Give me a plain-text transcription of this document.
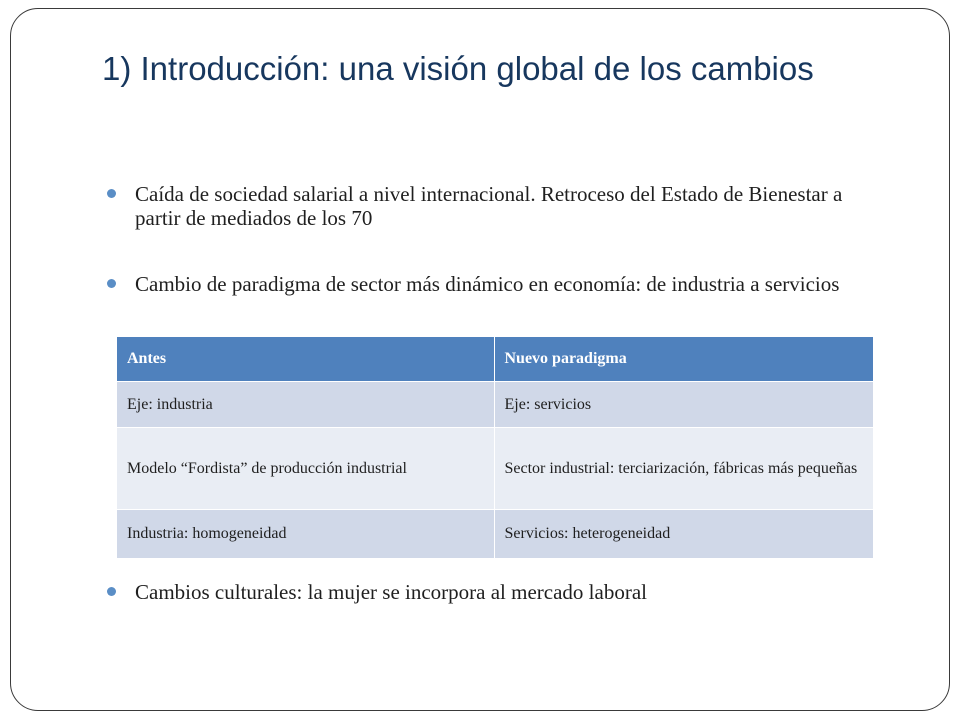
1) Introducción: una visión global de los cambios
Caída de sociedad salarial a nivel internacional. Retroceso del Estado de Bienestar a partir de mediados de los 70
Cambio de paradigma de sector más dinámico en economía: de industria a servicios
Antes	Nuevo paradigma
Eje: industria	Eje: servicios
Modelo “Fordista” de producción industrial	Sector industrial: terciarización, fábricas más pequeñas
Industria: homogeneidad	Servicios: heterogeneidad
Cambios culturales: la mujer se incorpora al mercado laboral
